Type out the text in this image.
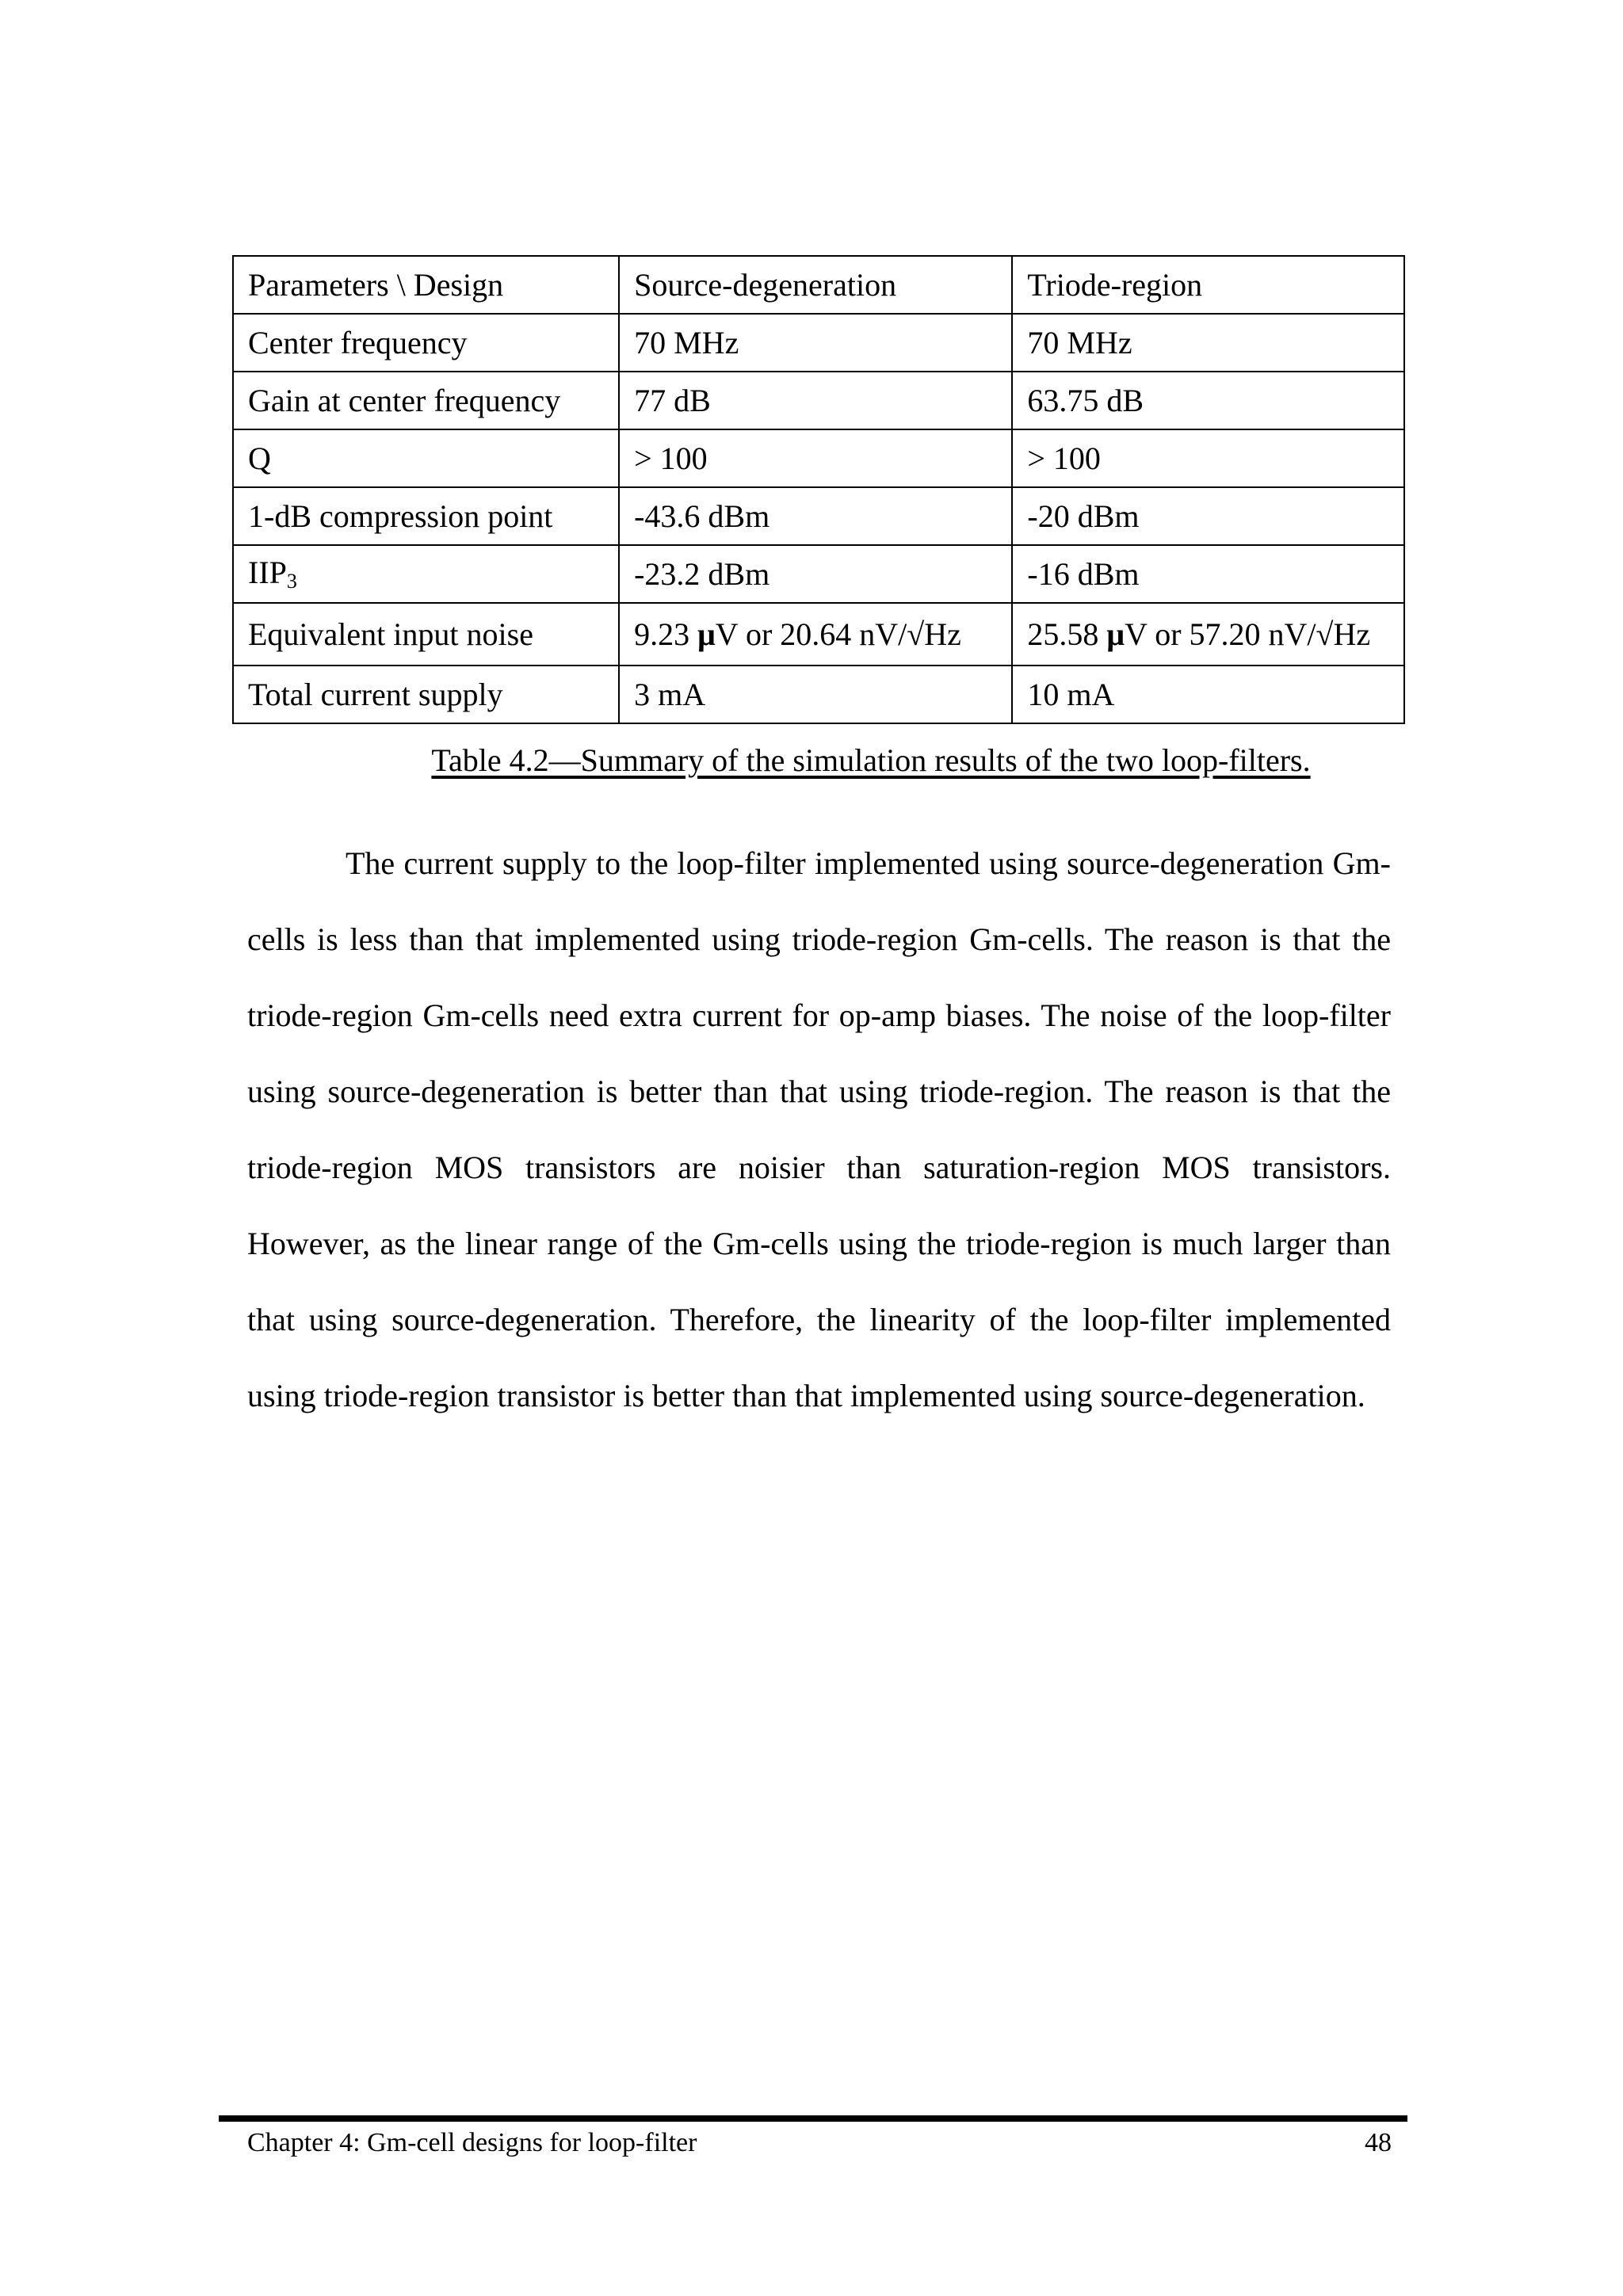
Parameters \ Design	Source-degeneration	Triode-region
Center frequency	70 MHz	70 MHz
Gain at center frequency	77 dB	63.75 dB
Q	> 100	> 100
1-dB compression point	-43.6 dBm	-20 dBm
$IIP_3$	-23.2 dBm	-16 dBm
Equivalent input noise	9.23 μV or 20.64 nV/√Hz	25.58 μV or 57.20 nV/√Hz
Total current supply	3 mA	10 mA
Table 4.2—Summary of the simulation results of the two loop-filters.

The current supply to the loop-filter implemented using source-degeneration Gm-cells is less than that implemented using triode-region Gm-cells. The reason is that the triode-region Gm-cells need extra current for op-amp biases. The noise of the loop-filter using source-degeneration is better than that using triode-region. The reason is that the triode-region MOS transistors are noisier than saturation-region MOS transistors. However, as the linear range of the Gm-cells using the triode-region is much larger than that using source-degeneration. Therefore, the linearity of the loop-filter implemented using triode-region transistor is better than that implemented using source-degeneration.

Chapter 4: Gm-cell designs for loop-filter	48
